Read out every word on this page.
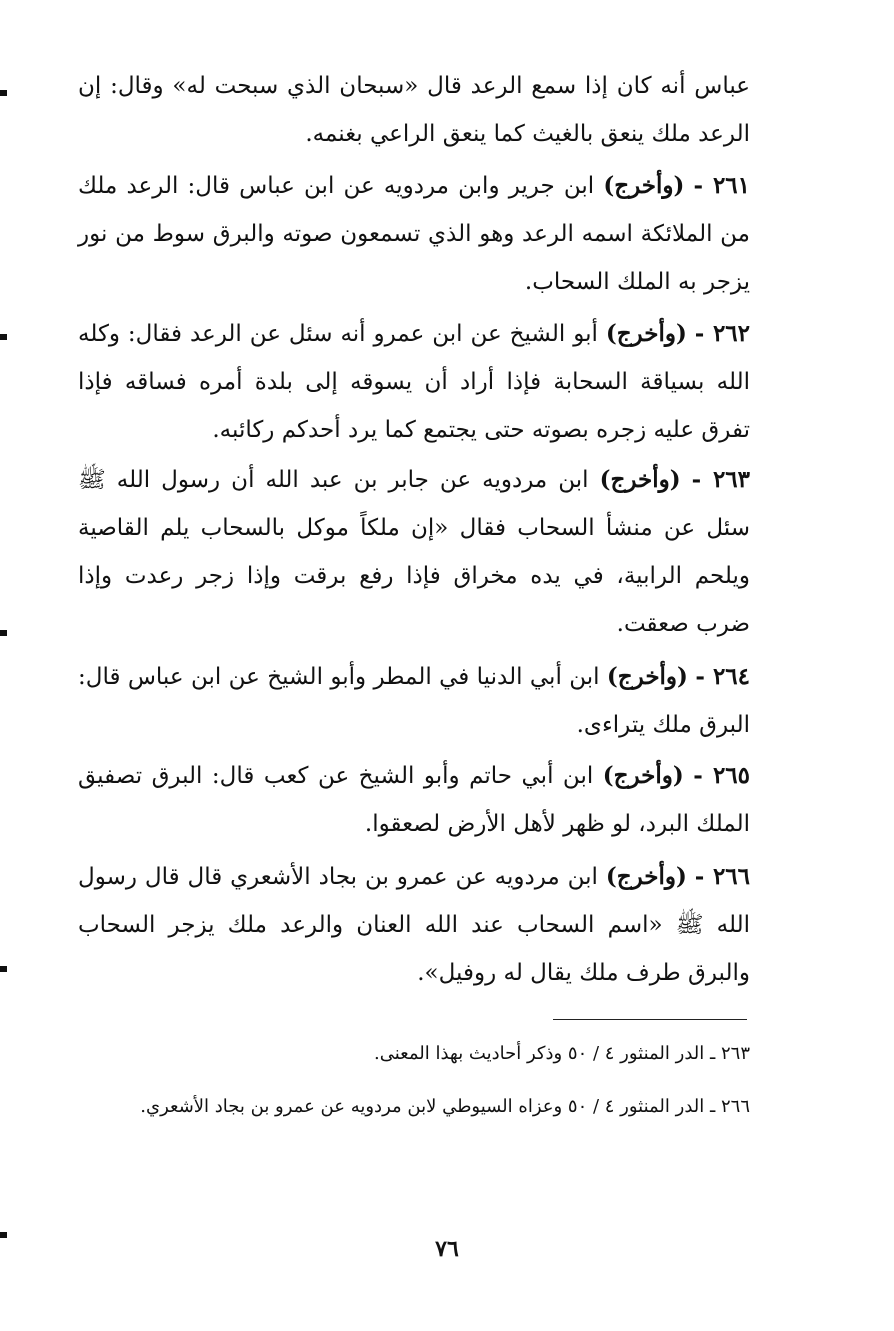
عباس أنه كان إذا سمع الرعد قال «سبحان الذي سبحت له» وقال: إن الرعد ملك ينعق بالغيث كما ينعق الراعي بغنمه.

٢٦١ - (وأخرج) ابن جرير وابن مردويه عن ابن عباس قال: الرعد ملك من الملائكة اسمه الرعد وهو الذي تسمعون صوته والبرق سوط من نور يزجر به الملك السحاب.

٢٦٢ - (وأخرج) أبو الشيخ عن ابن عمرو أنه سئل عن الرعد فقال: وكله الله بسياقة السحابة فإذا أراد أن يسوقه إلى بلدة أمره فساقه فإذا تفرق عليه زجره بصوته حتى يجتمع كما يرد أحدكم ركائبه.

٢٦٣ - (وأخرج) ابن مردويه عن جابر بن عبد الله أن رسول الله ﷺ سئل عن منشأ السحاب فقال «إن ملكاً موكل بالسحاب يلم القاصية ويلحم الرابية، في يده مخراق فإذا رفع برقت وإذا زجر رعدت وإذا ضرب صعقت.

٢٦٤ - (وأخرج) ابن أبي الدنيا في المطر وأبو الشيخ عن ابن عباس قال: البرق ملك يتراءى.

٢٦٥ - (وأخرج) ابن أبي حاتم وأبو الشيخ عن كعب قال: البرق تصفيق الملك البرد، لو ظهر لأهل الأرض لصعقوا.

٢٦٦ - (وأخرج) ابن مردويه عن عمرو بن بجاد الأشعري قال قال رسول الله ﷺ «اسم السحاب عند الله العنان والرعد ملك يزجر السحاب والبرق طرف ملك يقال له روفيل».

٢٦٣ ـ الدر المنثور ٤ / ٥٠ وذكر أحاديث بهذا المعنى.

٢٦٦ ـ الدر المنثور ٤ / ٥٠ وعزاه السيوطي لابن مردويه عن عمرو بن بجاد الأشعري.

٧٦
